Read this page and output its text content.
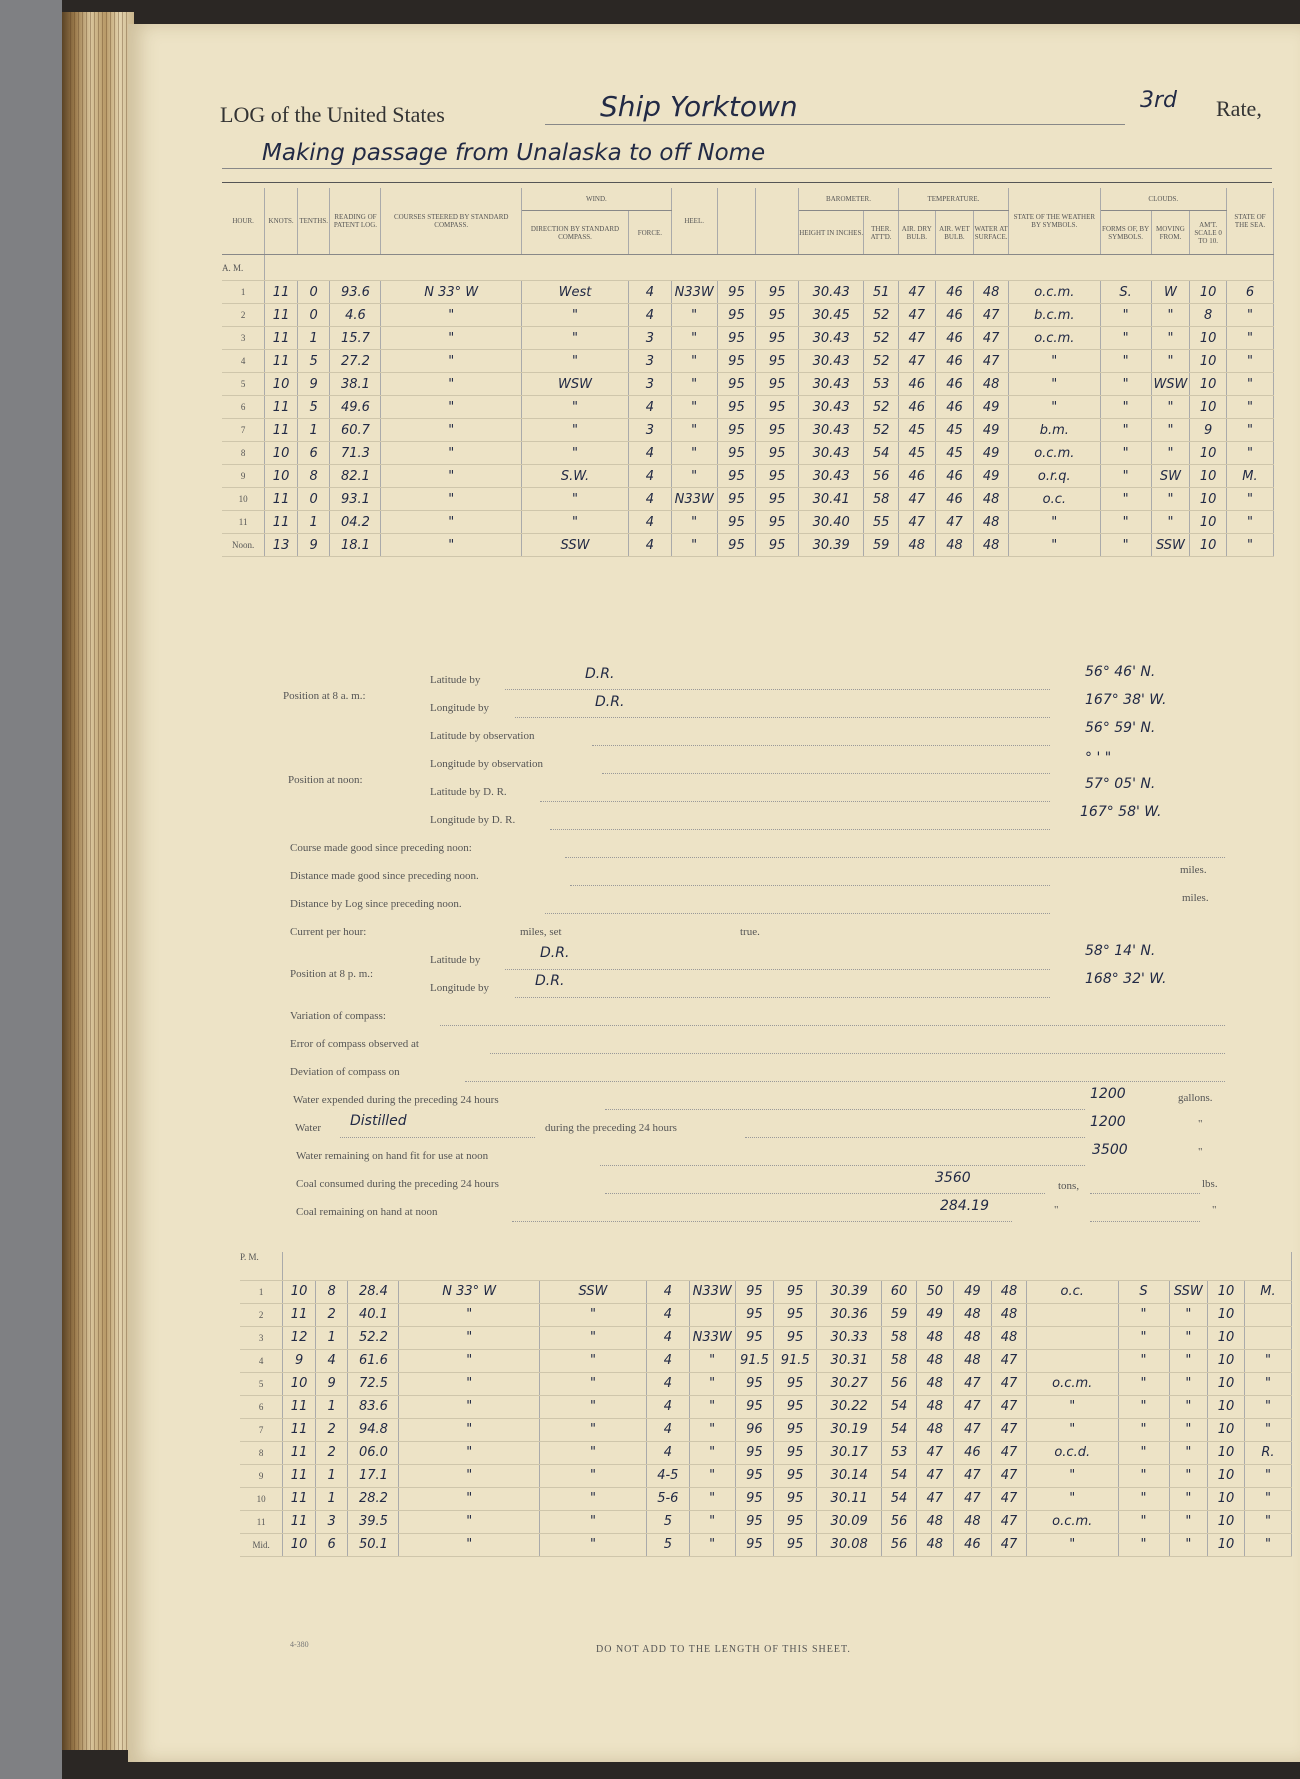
LOG of the United States	Ship Yorktown	3rd Rate,
Making passage from Unalaska to off Nome
HOUR.	KNOTS.	TENTHS.	READING OF PATENT LOG.	COURSES STEERED BY STANDARD COMPASS.	WIND.		HEEL.			BAROMETER.		TEMPERATURE.			STATE OF THE WEATHER BY SYMBOLS.	CLOUDS.			STATE OF THE SEA.
					DIRECTION BY STANDARD COMPASS.	FORCE.				HEIGHT IN INCHES.	THER. ATT'D.	AIR. DRY BULB.	AIR. WET BULB.	WATER AT SURFACE.		FORMS OF, BY SYMBOLS.	MOVING FROM.	AM'T. SCALE 0 TO 10.	
A. M.																			
1	11	0	93.6	N 33° W	West	4	N33W	95	95	30.43	51	47	46	48	o.c.m.	S.	W	10	6
2	11	0	4.6	"	"	4	"	95	95	30.45	52	47	46	47	b.c.m.	"	"	8	"
3	11	1	15.7	"	"	3	"	95	95	30.43	52	47	46	47	o.c.m.	"	"	10	"
4	11	5	27.2	"	"	3	"	95	95	30.43	52	47	46	47	"	"	"	10	"
5	10	9	38.1	"	WSW	3	"	95	95	30.43	53	46	46	48	"	"	WSW	10	"
6	11	5	49.6	"	"	4	"	95	95	30.43	52	46	46	49	"	"	"	10	"
7	11	1	60.7	"	"	3	"	95	95	30.43	52	45	45	49	b.m.	"	"	9	"
8	10	6	71.3	"	"	4	"	95	95	30.43	54	45	45	49	o.c.m.	"	"	10	"
9	10	8	82.1	"	S.W.	4	"	95	95	30.43	56	46	46	49	o.r.q.	"	SW	10	M.
10	11	0	93.1	"	"	4	N33W	95	95	30.41	58	47	46	48	o.c.	"	"	10	"
11	11	1	04.2	"	"	4	"	95	95	30.40	55	47	47	48	"	"	"	10	"
Noon.	13	9	18.1	"	SSW	4	"	95	95	30.39	59	48	48	48	"	"	SSW	10	"
Position at 8 a. m.:
Latitude by	D.R.	56° 46' N.
Longitude by	D.R.	167° 38' W.
Latitude by observation	56° 59' N.
Longitude by observation	° ' "
Position at noon:
Latitude by D. R.	57° 05' N.
Longitude by D. R.	167° 58' W.
Course made good since preceding noon:
Distance made good since preceding noon.	miles.
Distance by Log since preceding noon.	miles.
Current per hour:	miles, set	true.
Latitude by	D.R.	58° 14' N.
Position at 8 p. m.:
Longitude by	D.R.	168° 32' W.
Variation of compass:
Error of compass observed at
Deviation of compass on
Water expended during the preceding 24 hours	1200	gallons.
Water Distilled	during the preceding 24 hours	1200	"
Water remaining on hand fit for use at noon	3500	"
Coal consumed during the preceding 24 hours	3560	tons,	lbs.
Coal remaining on hand at noon	284.19	"	"
P. M.																			
1	10	8	28.4	N 33° W	SSW	4	N33W	95	95	30.39	60	50	49	48	o.c.	S	SSW	10	M.
2	11	2	40.1	"	"	4		95	95	30.36	59	49	48	48		"	"	10	
3	12	1	52.2	"	"	4	N33W	95	95	30.33	58	48	48	48		"	"	10	
4	9	4	61.6	"	"	4	"	91.5	91.5	30.31	58	48	48	47		"	"	10	"
5	10	9	72.5	"	"	4	"	95	95	30.27	56	48	47	47	o.c.m.	"	"	10	"
6	11	1	83.6	"	"	4	"	95	95	30.22	54	48	47	47	"	"	"	10	"
7	11	2	94.8	"	"	4	"	96	95	30.19	54	48	47	47	"	"	"	10	"
8	11	2	06.0	"	"	4	"	95	95	30.17	53	47	46	47	o.c.d.	"	"	10	R.
9	11	1	17.1	"	"	4-5	"	95	95	30.14	54	47	47	47	"	"	"	10	"
10	11	1	28.2	"	"	5-6	"	95	95	30.11	54	47	47	47	"	"	"	10	"
11	11	3	39.5	"	"	5	"	95	95	30.09	56	48	48	47	o.c.m.	"	"	10	"
Mid.	10	6	50.1	"	"	5	"	95	95	30.08	56	48	46	47	"	"	"	10	"
4-380	DO NOT ADD TO THE LENGTH OF THIS SHEET.
